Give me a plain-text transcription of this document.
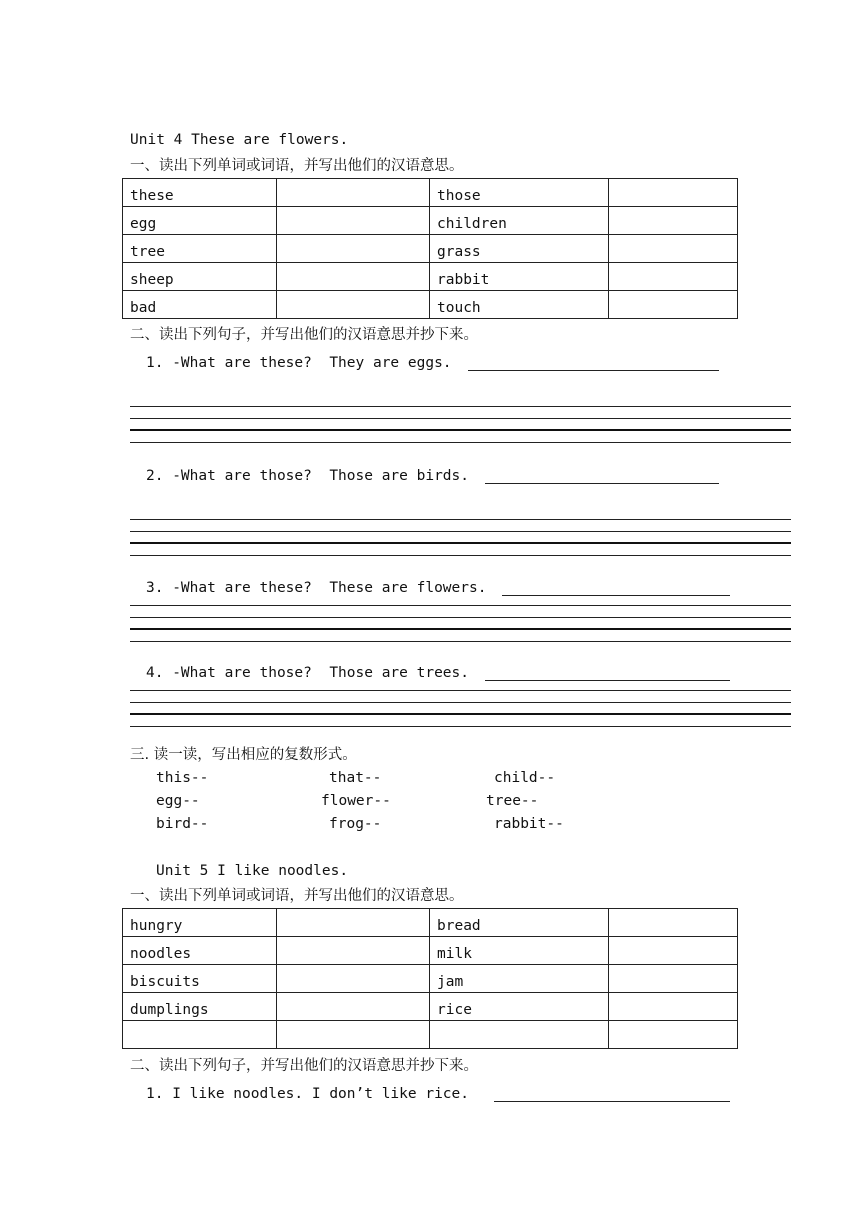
Unit 4 These are flowers.
一、读出下列单词或词语，并写出他们的汉语意思。
these		those	
egg		children	
tree		grass	
sheep		rabbit	
bad		touch	
二、读出下列句子，并写出他们的汉语意思并抄下来。
1. -What are these?  They are eggs.
2. -What are those?  Those are birds.
3. -What are these?  These are flowers.
4. -What are those?  Those are trees.
三. 读一读，写出相应的复数形式。
this--	that--	child--
egg--	flower--	tree--
bird--	frog--	rabbit--
Unit 5 I like noodles.
一、读出下列单词或词语，并写出他们的汉语意思。
hungry		bread	
noodles		milk	
biscuits		jam	
dumplings		rice	

二、读出下列句子，并写出他们的汉语意思并抄下来。
1. I like noodles. I don’t like rice.
